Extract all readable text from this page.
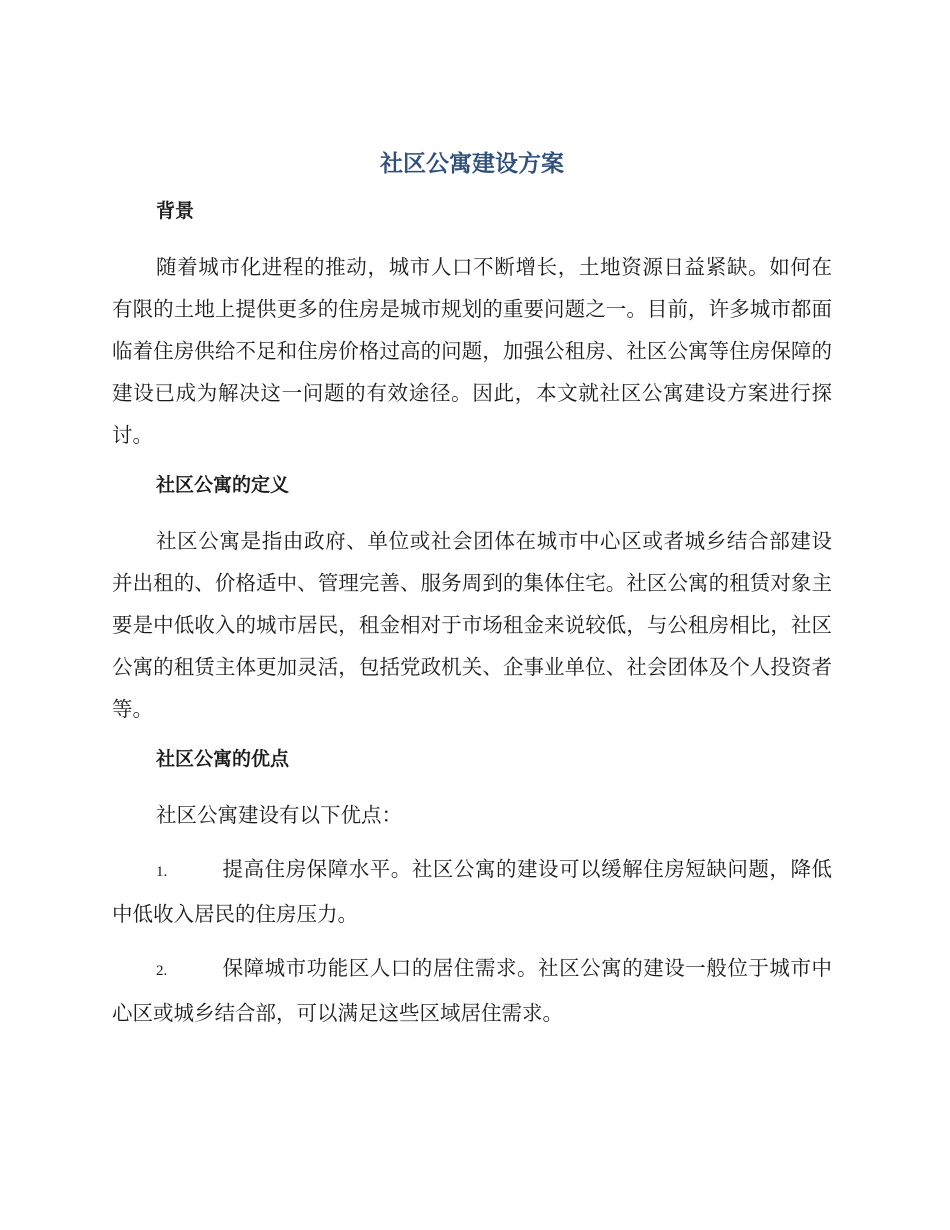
社区公寓建设方案
背景

随着城市化进程的推动，城市人口不断增长，土地资源日益紧缺。如何在有限的土地上提供更多的住房是城市规划的重要问题之一。目前，许多城市都面临着住房供给不足和住房价格过高的问题，加强公租房、社区公寓等住房保障的建设已成为解决这一问题的有效途径。因此，本文就社区公寓建设方案进行探讨。

社区公寓的定义

社区公寓是指由政府、单位或社会团体在城市中心区或者城乡结合部建设并出租的、价格适中、管理完善、服务周到的集体住宅。社区公寓的租赁对象主要是中低收入的城市居民，租金相对于市场租金来说较低，与公租房相比，社区公寓的租赁主体更加灵活，包括党政机关、企事业单位、社会团体及个人投资者等。

社区公寓的优点

社区公寓建设有以下优点：

1.	提高住房保障水平。社区公寓的建设可以缓解住房短缺问题，降低中低收入居民的住房压力。

2.	保障城市功能区人口的居住需求。社区公寓的建设一般位于城市中心区或城乡结合部，可以满足这些区域居住需求。
